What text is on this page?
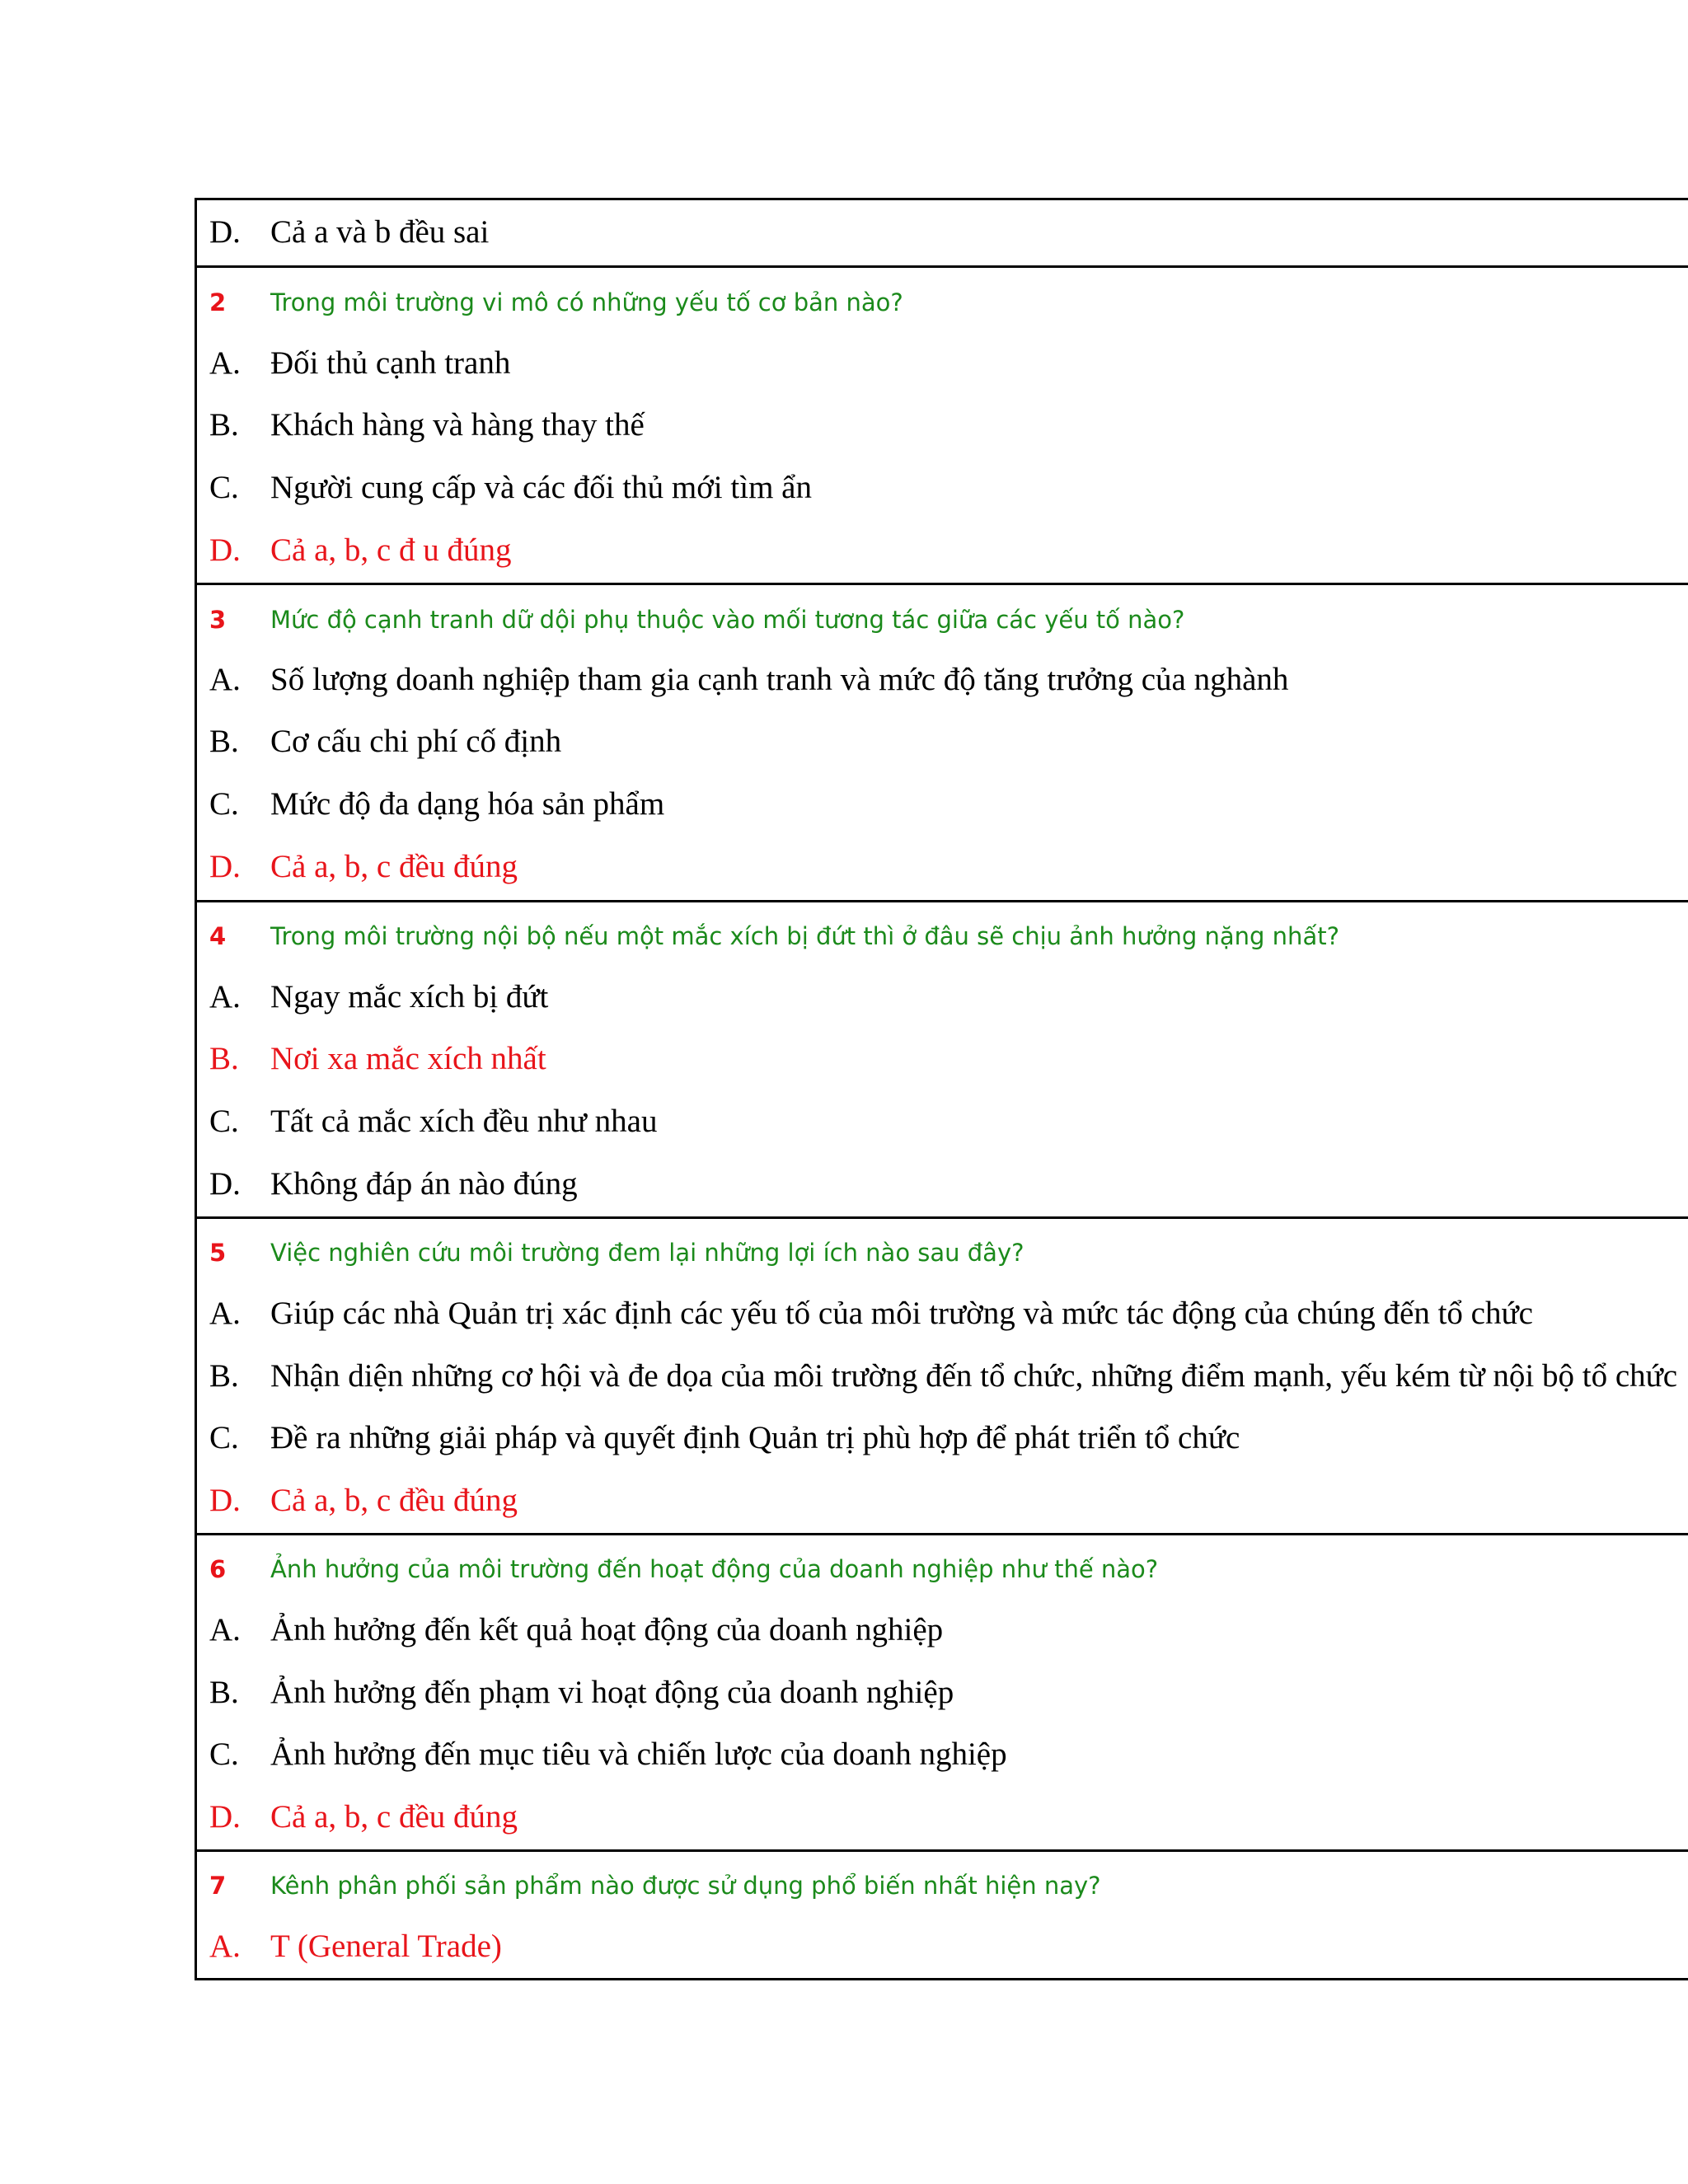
D. Cả a và b đều sai
2 Trong môi trường vi mô có những yếu tố cơ bản nào?
A. Đối thủ cạnh tranh
B. Khách hàng và hàng thay thế
C. Người cung cấp và các đối thủ mới tìm ẩn
D. Cả a, b, c đ u đúng
3 Mức độ cạnh tranh dữ dội phụ thuộc vào mối tương tác giữa các yếu tố nào?
A. Số lượng doanh nghiệp tham gia cạnh tranh và mức độ tăng trưởng của nghành
B. Cơ cấu chi phí cố định
C. Mức độ đa dạng hóa sản phẩm
D. Cả a, b, c đều đúng
4 Trong môi trường nội bộ nếu một mắc xích bị đứt thì ở đâu sẽ chịu ảnh hưởng nặng nhất?
A. Ngay mắc xích bị đứt
B. Nơi xa mắc xích nhất
C. Tất cả mắc xích đều như nhau
D. Không đáp án nào đúng
5 Việc nghiên cứu môi trường đem lại những lợi ích nào sau đây?
A. Giúp các nhà Quản trị xác định các yếu tố của môi trường và mức tác động của chúng đến tổ chức
B. Nhận diện những cơ hội và đe dọa của môi trường đến tổ chức, những điểm mạnh, yếu kém từ nội bộ tổ chức
C. Đề ra những giải pháp và quyết định Quản trị phù hợp để phát triển tổ chức
D. Cả a, b, c đều đúng
6 Ảnh hưởng của môi trường đến hoạt động của doanh nghiệp như thế nào?
A. Ảnh hưởng đến kết quả hoạt động của doanh nghiệp
B. Ảnh hưởng đến phạm vi hoạt động của doanh nghiệp
C. Ảnh hưởng đến mục tiêu và chiến lược của doanh nghiệp
D. Cả a, b, c đều đúng
7 Kênh phân phối sản phẩm nào được sử dụng phổ biến nhất hiện nay?
A. T (General Trade)
